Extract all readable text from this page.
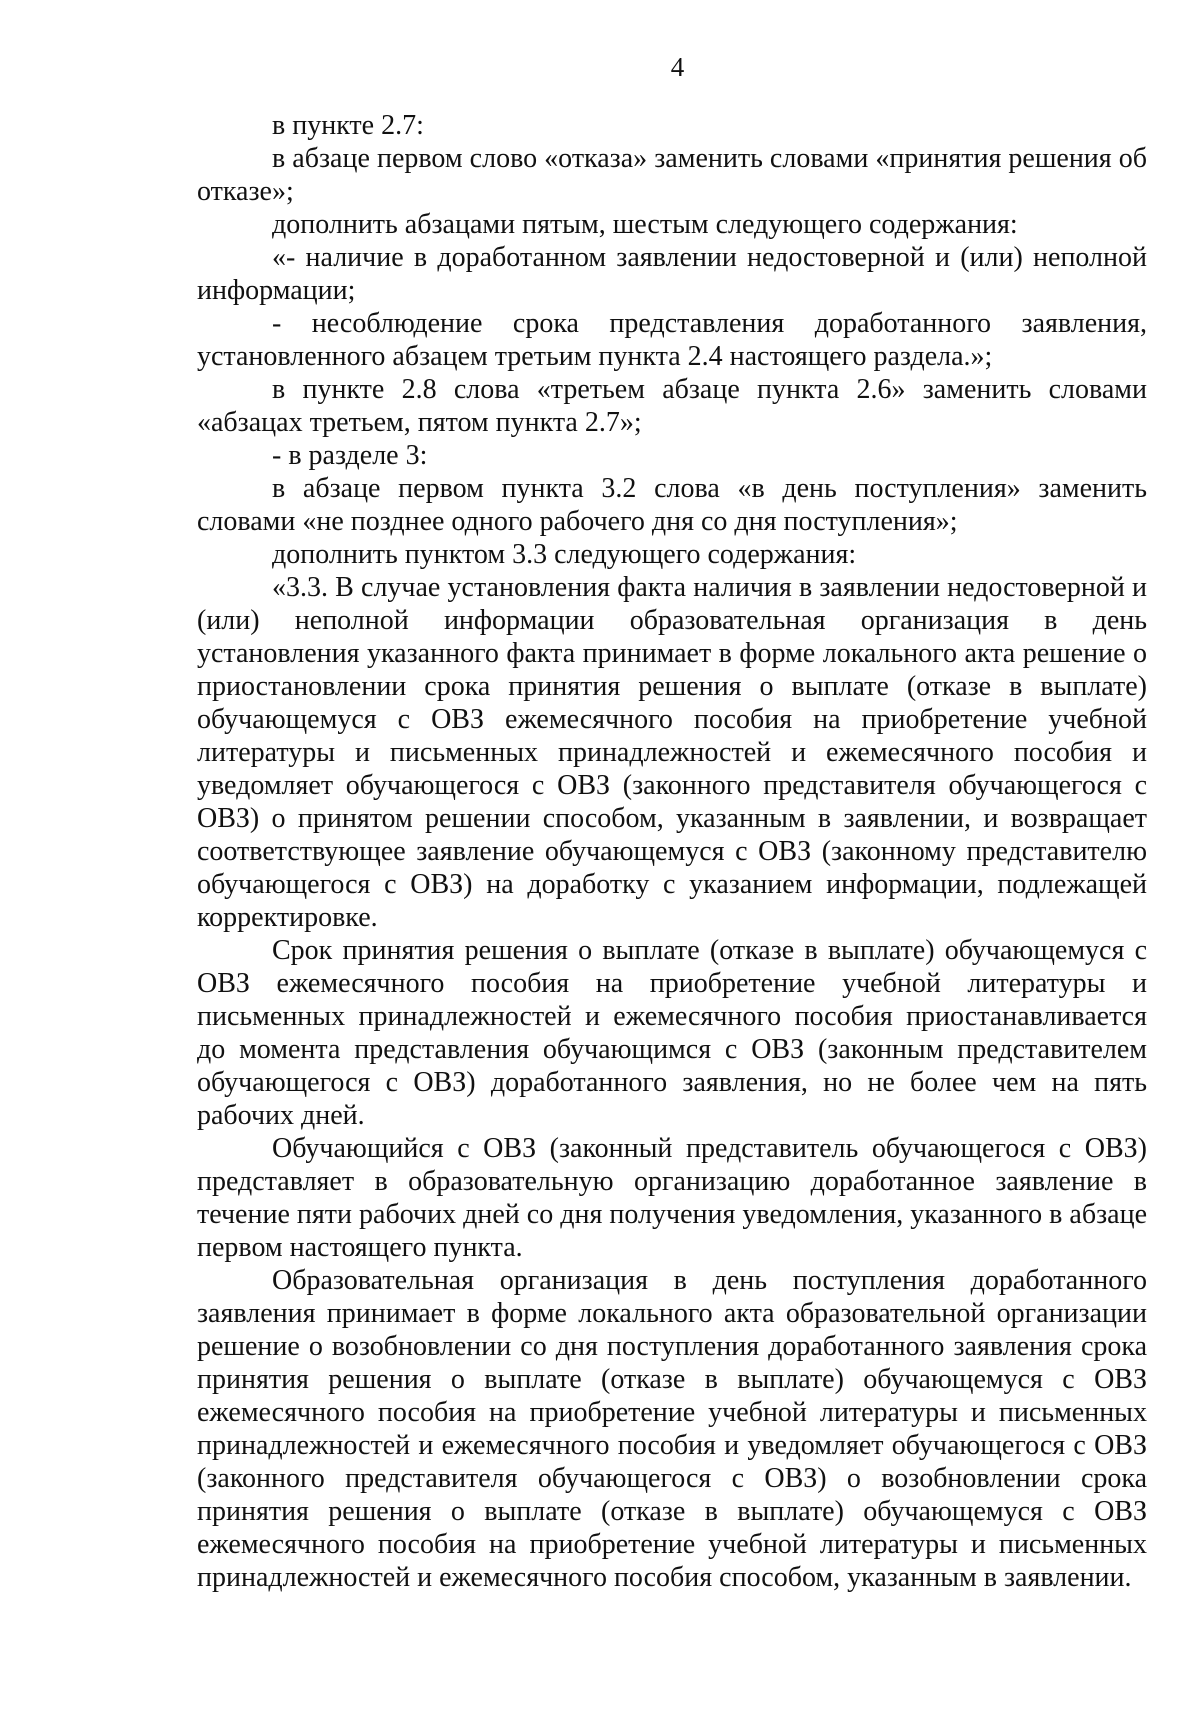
4

в пункте 2.7:

в абзаце первом слово «отказа» заменить словами «принятия решения об отказе»;

дополнить абзацами пятым, шестым следующего содержания:

«- наличие в доработанном заявлении недостоверной и (или) неполной информации;

- несоблюдение срока представления доработанного заявления, установленного абзацем третьим пункта 2.4 настоящего раздела.»;

в пункте 2.8 слова «третьем абзаце пункта 2.6» заменить словами «абзацах третьем, пятом пункта 2.7»;

- в разделе 3:

в абзаце первом пункта 3.2 слова «в день поступления» заменить словами «не позднее одного рабочего дня со дня поступления»;

дополнить пунктом 3.3 следующего содержания:

«3.3. В случае установления факта наличия в заявлении недостоверной и (или) неполной информации образовательная организация в день установления указанного факта принимает в форме локального акта решение о приостановлении срока принятия решения о выплате (отказе в выплате) обучающемуся с ОВЗ ежемесячного пособия на приобретение учебной литературы и письменных принадлежностей и ежемесячного пособия и уведомляет обучающегося с ОВЗ (законного представителя обучающегося с ОВЗ) о принятом решении способом, указанным в заявлении, и возвращает соответствующее заявление обучающемуся с ОВЗ (законному представителю обучающегося с ОВЗ) на доработку с указанием информации, подлежащей корректировке.

Срок принятия решения о выплате (отказе в выплате) обучающемуся с ОВЗ ежемесячного пособия на приобретение учебной литературы и письменных принадлежностей и ежемесячного пособия приостанавливается до момента представления обучающимся с ОВЗ (законным представителем обучающегося с ОВЗ) доработанного заявления, но не более чем на пять рабочих дней.

Обучающийся с ОВЗ (законный представитель обучающегося с ОВЗ) представляет в образовательную организацию доработанное заявление в течение пяти рабочих дней со дня получения уведомления, указанного в абзаце первом настоящего пункта.

Образовательная организация в день поступления доработанного заявления принимает в форме локального акта образовательной организации решение о возобновлении со дня поступления доработанного заявления срока принятия решения о выплате (отказе в выплате) обучающемуся с ОВЗ ежемесячного пособия на приобретение учебной литературы и письменных принадлежностей и ежемесячного пособия и уведомляет обучающегося с ОВЗ (законного представителя обучающегося с ОВЗ) о возобновлении срока принятия решения о выплате (отказе в выплате) обучающемуся с ОВЗ ежемесячного пособия на приобретение учебной литературы и письменных принадлежностей и ежемесячного пособия способом, указанным в заявлении.
